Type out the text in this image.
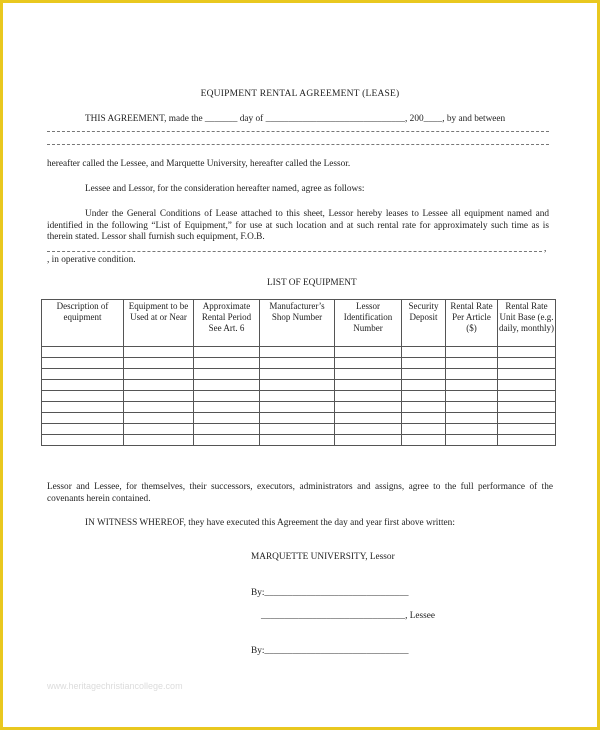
EQUIPMENT RENTAL AGREEMENT (LEASE)
THIS AGREEMENT, made the _______ day of ______________________________, 200____, by and between
hereafter called the Lessee, and Marquette University, hereafter called the Lessor.
Lessee and Lessor, for the consideration hereafter named, agree as follows:
Under the General Conditions of Lease attached to this sheet, Lessor hereby leases to Lessee all equipment named and identified in the following “List of Equipment,” for use at such location and at such rental rate for approximately such time as is therein stated. Lessor shall furnish such equipment, F.O.B.
,
, in operative condition.
LIST OF EQUIPMENT
Description of equipment	Equipment to be Used at or Near	Approximate Rental Period See Art. 6	Manufacturer’s Shop Number	Lessor Identification Number	Security Deposit	Rental Rate Per Article ($)	Rental Rate Unit Base (e.g. daily, monthly)

Lessor and Lessee, for themselves, their successors, executors, administrators and assigns, agree to the full performance of the covenants herein contained.
IN WITNESS WHEREOF, they have executed this Agreement the day and year first above written:
MARQUETTE UNIVERSITY, Lessor
By:_______________________________
_______________________________, Lessee
By:_______________________________
www.heritagechristiancollege.com
